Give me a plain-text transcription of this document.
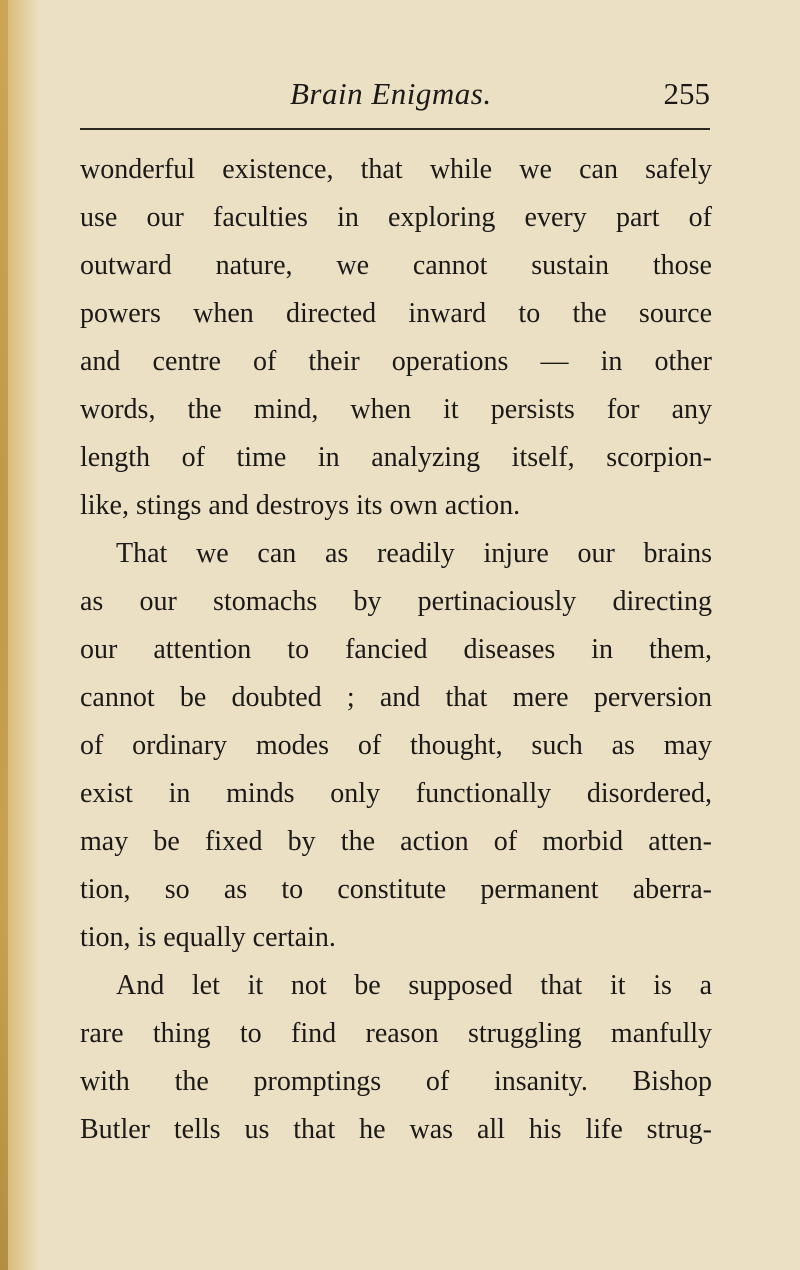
Brain Enigmas.	255
wonderful existence, that while we can safely
use our faculties in exploring every part of
outward nature, we cannot sustain those
powers when directed inward to the source
and centre of their operations — in other
words, the mind, when it persists for any
length of time in analyzing itself, scorpion-
like, stings and destroys its own action.
That we can as readily injure our brains
as our stomachs by pertinaciously directing
our attention to fancied diseases in them,
cannot be doubted ; and that mere perversion
of ordinary modes of thought, such as may
exist in minds only functionally disordered,
may be fixed by the action of morbid atten-
tion, so as to constitute permanent aberra-
tion, is equally certain.
And let it not be supposed that it is a
rare thing to find reason struggling manfully
with the promptings of insanity. Bishop
Butler tells us that he was all his life strug-
